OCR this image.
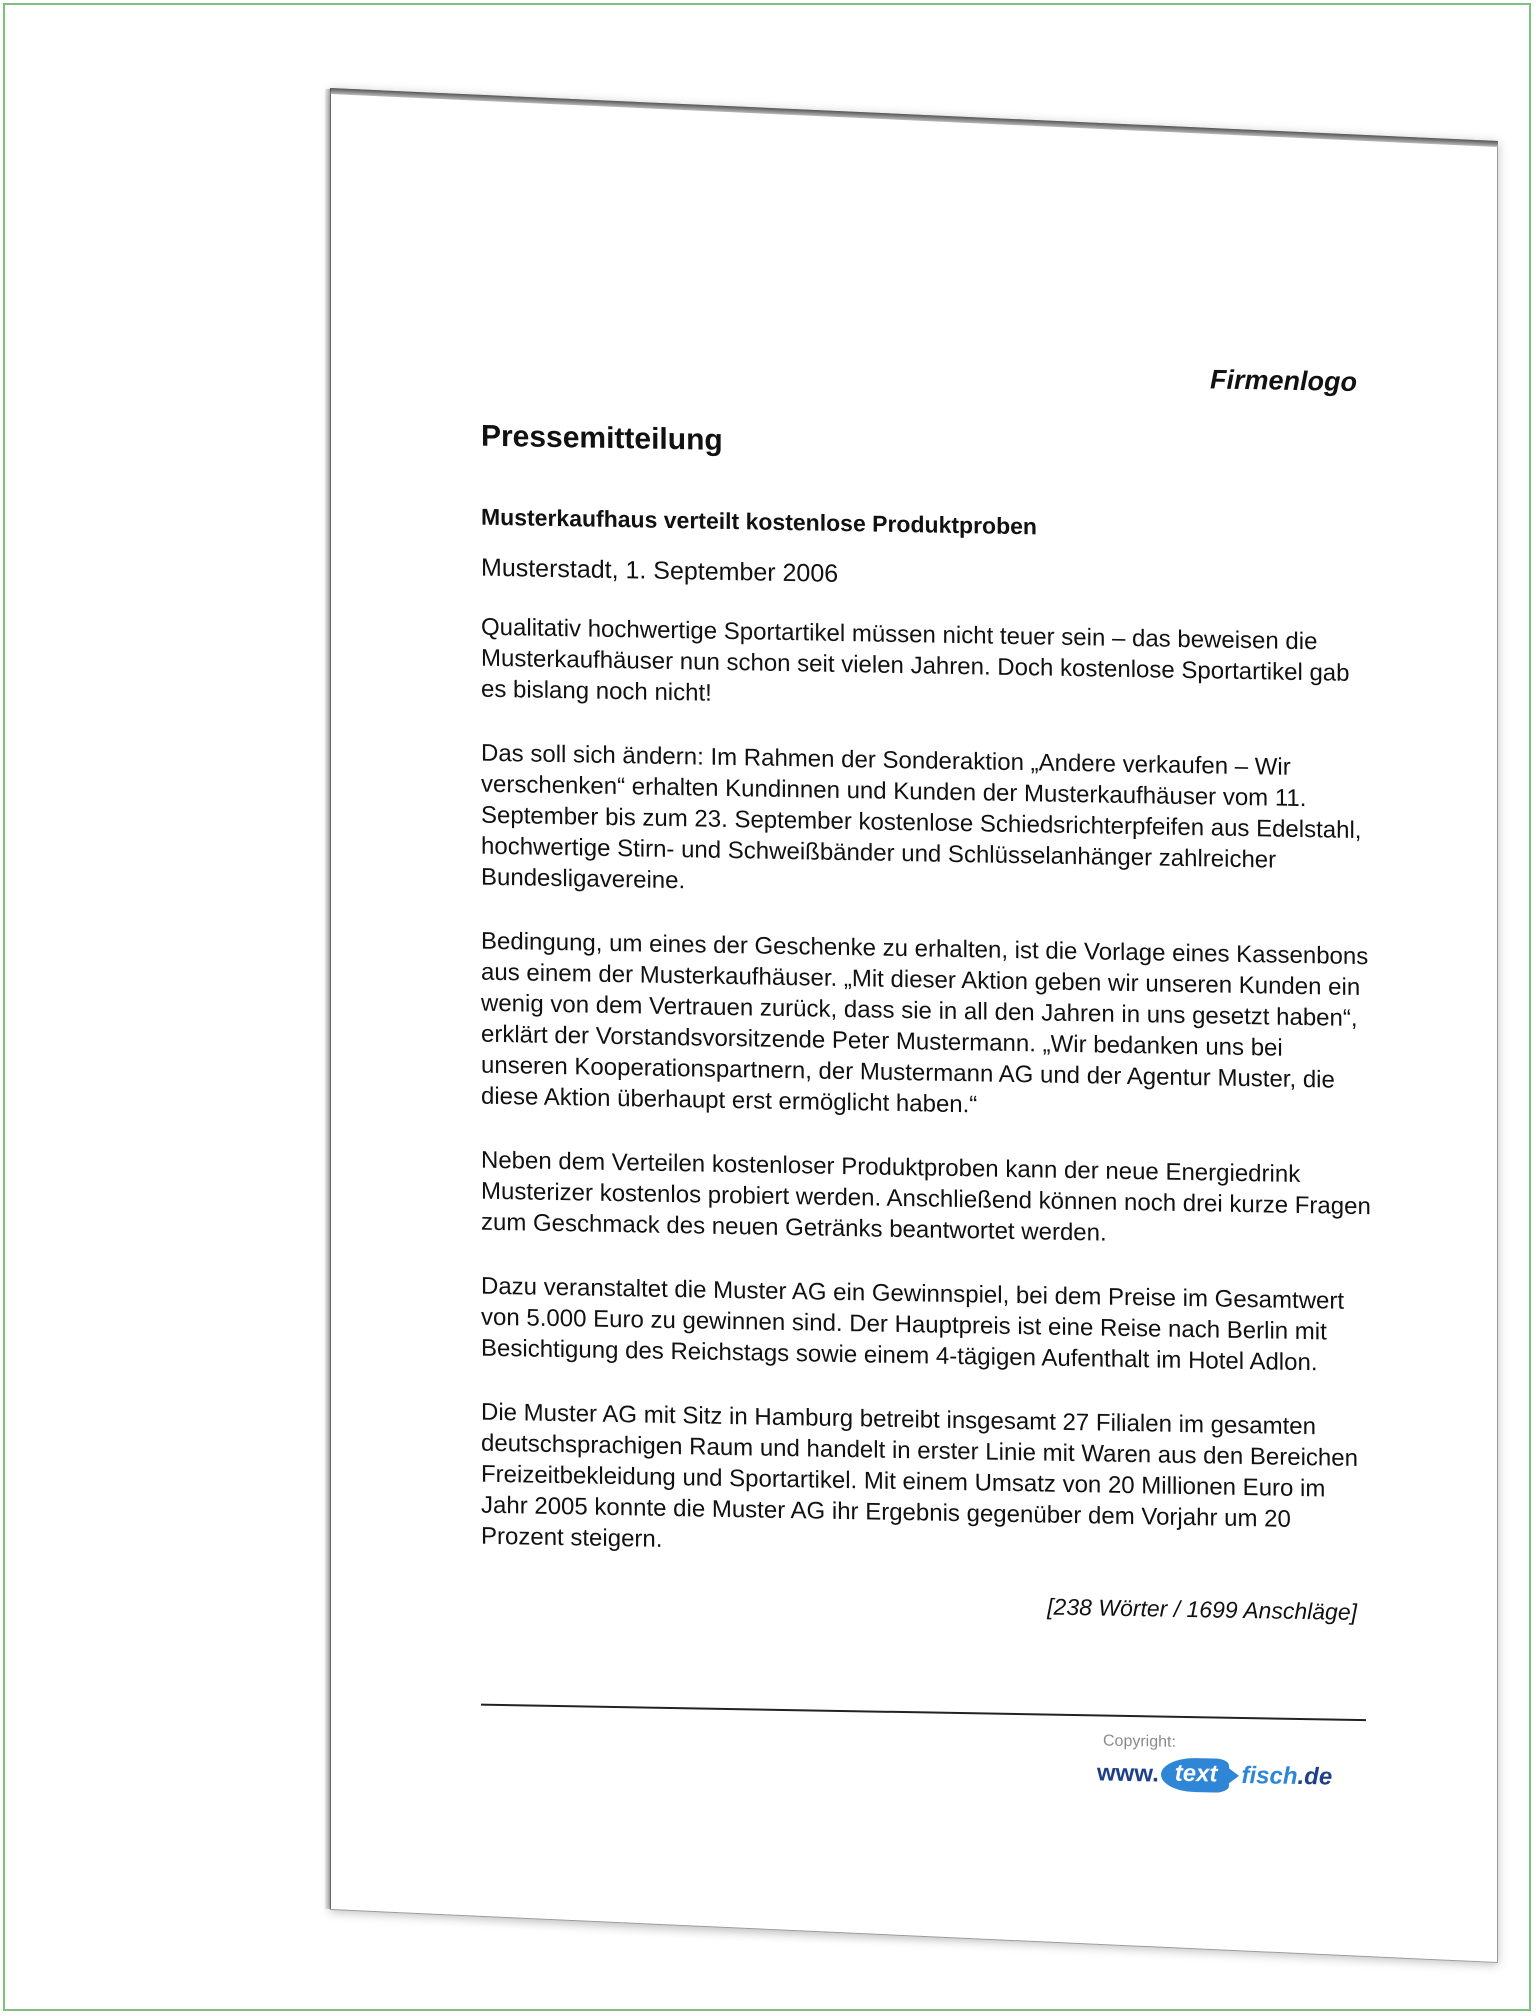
Firmenlogo
Pressemitteilung
Musterkaufhaus verteilt kostenlose Produktproben

Musterstadt, 1. September 2006

Qualitativ hochwertige Sportartikel müssen nicht teuer sein – das beweisen die Musterkaufhäuser nun schon seit vielen Jahren. Doch kostenlose Sportartikel gab es bislang noch nicht!

Das soll sich ändern: Im Rahmen der Sonderaktion „Andere verkaufen – Wir verschenken“ erhalten Kundinnen und Kunden der Musterkaufhäuser vom 11. September bis zum 23. September kostenlose Schiedsrichterpfeifen aus Edelstahl, hochwertige Stirn- und Schweißbänder und Schlüsselanhänger zahlreicher Bundesligavereine.

Bedingung, um eines der Geschenke zu erhalten, ist die Vorlage eines Kassenbons aus einem der Musterkaufhäuser. „Mit dieser Aktion geben wir unseren Kunden ein wenig von dem Vertrauen zurück, dass sie in all den Jahren in uns gesetzt haben“, erklärt der Vorstandsvorsitzende Peter Mustermann. „Wir bedanken uns bei unseren Kooperationspartnern, der Mustermann AG und der Agentur Muster, die diese Aktion überhaupt erst ermöglicht haben.“

Neben dem Verteilen kostenloser Produktproben kann der neue Energiedrink Musterizer kostenlos probiert werden. Anschließend können noch drei kurze Fragen zum Geschmack des neuen Getränks beantwortet werden.

Dazu veranstaltet die Muster AG ein Gewinnspiel, bei dem Preise im Gesamtwert von 5.000 Euro zu gewinnen sind. Der Hauptpreis ist eine Reise nach Berlin mit Besichtigung des Reichstags sowie einem 4-tägigen Aufenthalt im Hotel Adlon.

Die Muster AG mit Sitz in Hamburg betreibt insgesamt 27 Filialen im gesamten deutschsprachigen Raum und handelt in erster Linie mit Waren aus den Bereichen Freizeitbekleidung und Sportartikel. Mit einem Umsatz von 20 Millionen Euro im Jahr 2005 konnte die Muster AG ihr Ergebnis gegenüber dem Vorjahr um 20 Prozent steigern.

[238 Wörter / 1699 Anschläge]
Copyright:
www. text	fisch .de
